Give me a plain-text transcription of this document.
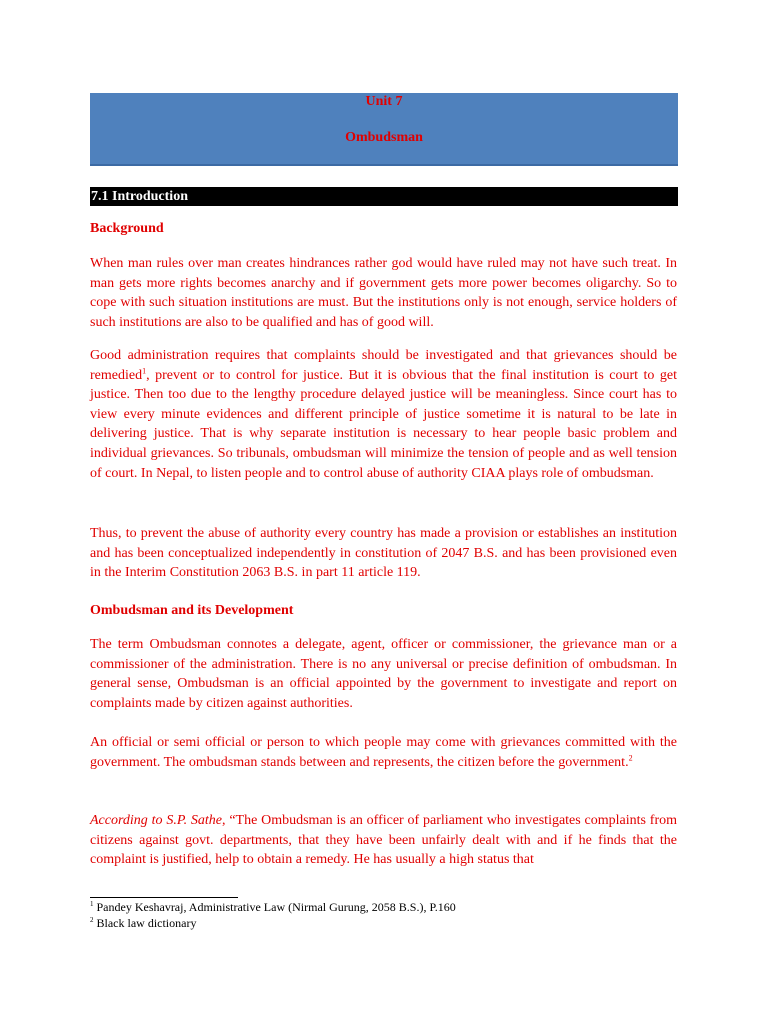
Unit 7
Ombudsman
7.1 Introduction
Background

When man rules over man creates hindrances rather god would have ruled may not have such treat. In man gets more rights becomes anarchy and if government gets more power becomes oligarchy. So to cope with such situation institutions are must. But the institutions only is not enough, service holders of such institutions are also to be qualified and has of good will.

Good administration requires that complaints should be investigated and that grievances should be remedied$^1$, prevent or to control for justice. But it is obvious that the final institution is court to get justice. Then too due to the lengthy procedure delayed justice will be meaningless. Since court has to view every minute evidences and different principle of justice sometime it is natural to be late in delivering justice. That is why separate institution is necessary to hear people basic problem and individual grievances. So tribunals, ombudsman will minimize the tension of people and as well tension of court. In Nepal, to listen people and to control abuse of authority CIAA plays role of ombudsman.

Thus, to prevent the abuse of authority every country has made a provision or establishes an institution and has been conceptualized independently in constitution of 2047 B.S. and has been provisioned even in the Interim Constitution 2063 B.S. in part 11 article 119.

Ombudsman and its Development

The term Ombudsman connotes a delegate, agent, officer or commissioner, the grievance man or a commissioner of the administration. There is no any universal or precise definition of ombudsman. In general sense, Ombudsman is an official appointed by the government to investigate and report on complaints made by citizen against authorities.

An official or semi official or person to which people may come with grievances committed with the government. The ombudsman stands between and represents, the citizen before the government.$^2$

According to S.P. Sathe, “The Ombudsman is an officer of parliament who investigates complaints from citizens against govt. departments, that they have been unfairly dealt with and if he finds that the complaint is justified, help to obtain a remedy. He has usually a high status that

$^1$ Pandey Keshavraj, Administrative Law (Nirmal Gurung, 2058 B.S.), P.160
$^2$ Black law dictionary
